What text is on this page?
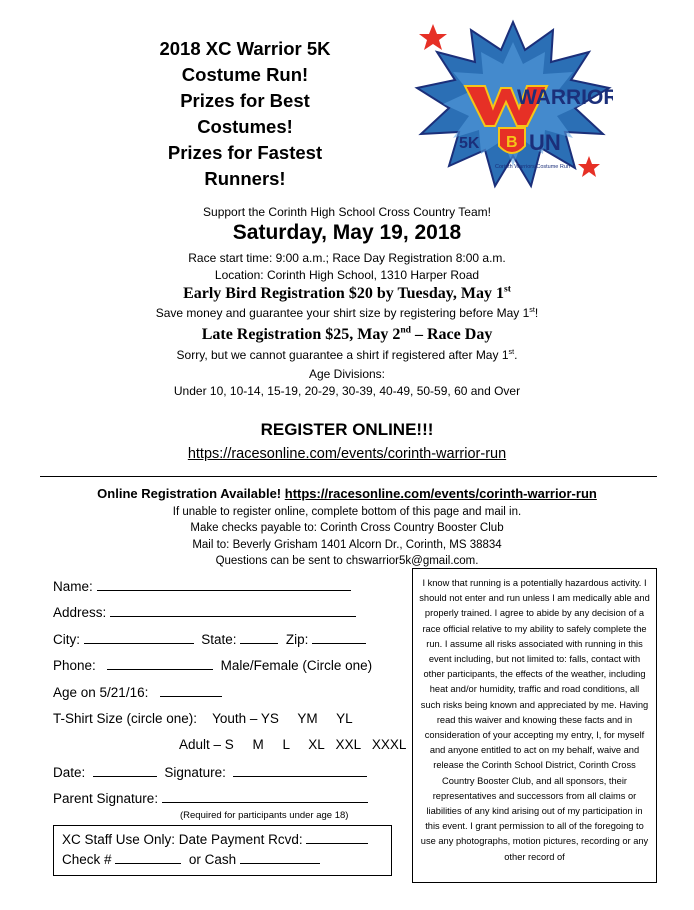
2018 XC Warrior 5K
Costume Run!
Prizes for Best
Costumes!
Prizes for Fastest
Runners!
WARRIOR
5K B UN
Corinth Warriors Costume Run
Support the Corinth High School Cross Country Team!
Saturday, May 19, 2018
Race start time: 9:00 a.m.; Race Day Registration 8:00 a.m.
Location: Corinth High School, 1310 Harper Road
Early Bird Registration $20 by Tuesday, May 1st
Save money and guarantee your shirt size by registering before May 1st!
Late Registration $25, May 2nd – Race Day
Sorry, but we cannot guarantee a shirt if registered after May 1st.
Age Divisions:
Under 10, 10-14, 15-19, 20-29, 30-39, 40-49, 50-59, 60 and Over
REGISTER ONLINE!!!
https://racesonline.com/events/corinth-warrior-run
Online Registration Available! https://racesonline.com/events/corinth-warrior-run
If unable to register online, complete bottom of this page and mail in.
Make checks payable to: Corinth Cross Country Booster Club
Mail to: Beverly Grisham 1401 Alcorn Dr., Corinth, MS 38834
Questions can be sent to chswarrior5k@gmail.com.
Name:
Address:
City:	State:	Zip:
Phone:	Male/Female (Circle one)
Age on 5/21/16:
T-Shirt Size (circle one): Youth – YS     YM     YL
Adult – S     M     L     XL   XXL   XXXL
Date:	Signature:
Parent Signature:
(Required for participants under age 18)
XC Staff Use Only: Date Payment Rcvd:
Check #	or Cash
I know that running is a potentially hazardous activity. I should not enter and run unless I am medically able and properly trained. I agree to abide by any decision of a race official relative to my ability to safely complete the run. I assume all risks associated with running in this event including, but not limited to: falls, contact with other participants, the effects of the weather, including heat and/or humidity, traffic and road conditions, all such risks being known and appreciated by me. Having read this waiver and knowing these facts and in consideration of your accepting my entry, I, for myself and anyone entitled to act on my behalf, waive and release the Corinth School District, Corinth Cross Country Booster Club, and all sponsors, their representatives and successors from all claims or liabilities of any kind arising out of my participation in this event. I grant permission to all of the foregoing to use any photographs, motion pictures, recording or any other record of
